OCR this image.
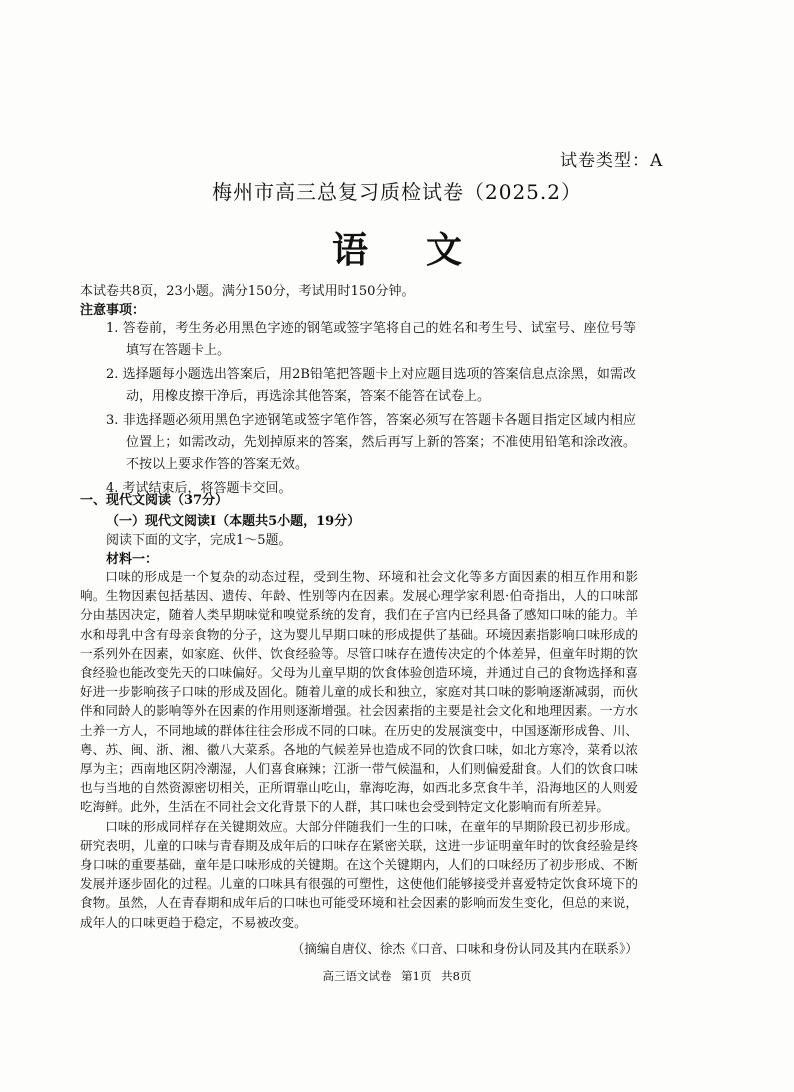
试卷类型：A
梅州市高三总复习质检试卷（2025.2）
语文
本试卷共8页，23小题。满分150分，考试用时150分钟。
注意事项：
1. 答卷前，考生务必用黑色字迹的钢笔或签字笔将自己的姓名和考生号、试室号、座位号等填写在答题卡上。
2. 选择题每小题选出答案后，用2B铅笔把答题卡上对应题目选项的答案信息点涂黑，如需改动，用橡皮擦干净后，再选涂其他答案，答案不能答在试卷上。
3. 非选择题必须用黑色字迹钢笔或签字笔作答，答案必须写在答题卡各题目指定区域内相应位置上；如需改动，先划掉原来的答案，然后再写上新的答案；不准使用铅笔和涂改液。不按以上要求作答的答案无效。
4. 考试结束后，将答题卡交回。
一、现代文阅读（37分）
（一）现代文阅读Ⅰ（本题共5小题，19分）
阅读下面的文字，完成1～5题。
材料一：

口味的形成是一个复杂的动态过程，受到生物、环境和社会文化等多方面因素的相互作用和影响。生物因素包括基因、遗传、年龄、性别等内在因素。发展心理学家利恩·伯奇指出，人的口味部分由基因决定，随着人类早期味觉和嗅觉系统的发育，我们在子宫内已经具备了感知口味的能力。羊水和母乳中含有母亲食物的分子，这为婴儿早期口味的形成提供了基础。环境因素指影响口味形成的一系列外在因素，如家庭、伙伴、饮食经验等。尽管口味存在遗传决定的个体差异，但童年时期的饮食经验也能改变先天的口味偏好。父母为儿童早期的饮食体验创造环境，并通过自己的食物选择和喜好进一步影响孩子口味的形成及固化。随着儿童的成长和独立，家庭对其口味的影响逐渐减弱，而伙伴和同龄人的影响等外在因素的作用则逐渐增强。社会因素指的主要是社会文化和地理因素。一方水土养一方人，不同地域的群体往往会形成不同的口味。在历史的发展演变中，中国逐渐形成鲁、川、粤、苏、闽、浙、湘、徽八大菜系。各地的气候差异也造成不同的饮食口味，如北方寒冷，菜肴以浓厚为主；西南地区阴冷潮湿，人们喜食麻辣；江浙一带气候温和，人们则偏爱甜食。人们的饮食口味也与当地的自然资源密切相关，正所谓靠山吃山，靠海吃海，如西北多烹食牛羊，沿海地区的人则爱吃海鲜。此外，生活在不同社会文化背景下的人群，其口味也会受到特定文化影响而有所差异。

口味的形成同样存在关键期效应。大部分伴随我们一生的口味，在童年的早期阶段已初步形成。研究表明，儿童的口味与青春期及成年后的口味存在紧密关联，这进一步证明童年时的饮食经验是终身口味的重要基础，童年是口味形成的关键期。在这个关键期内，人们的口味经历了初步形成、不断发展并逐步固化的过程。儿童的口味具有很强的可塑性，这使他们能够接受并喜爱特定饮食环境下的食物。虽然，人在青春期和成年后的口味也可能受环境和社会因素的影响而发生变化，但总的来说，成年人的口味更趋于稳定，不易被改变。

（摘编自唐仪、徐杰《口音、口味和身份认同及其内在联系》）
高三语文试卷 第1页 共8页
